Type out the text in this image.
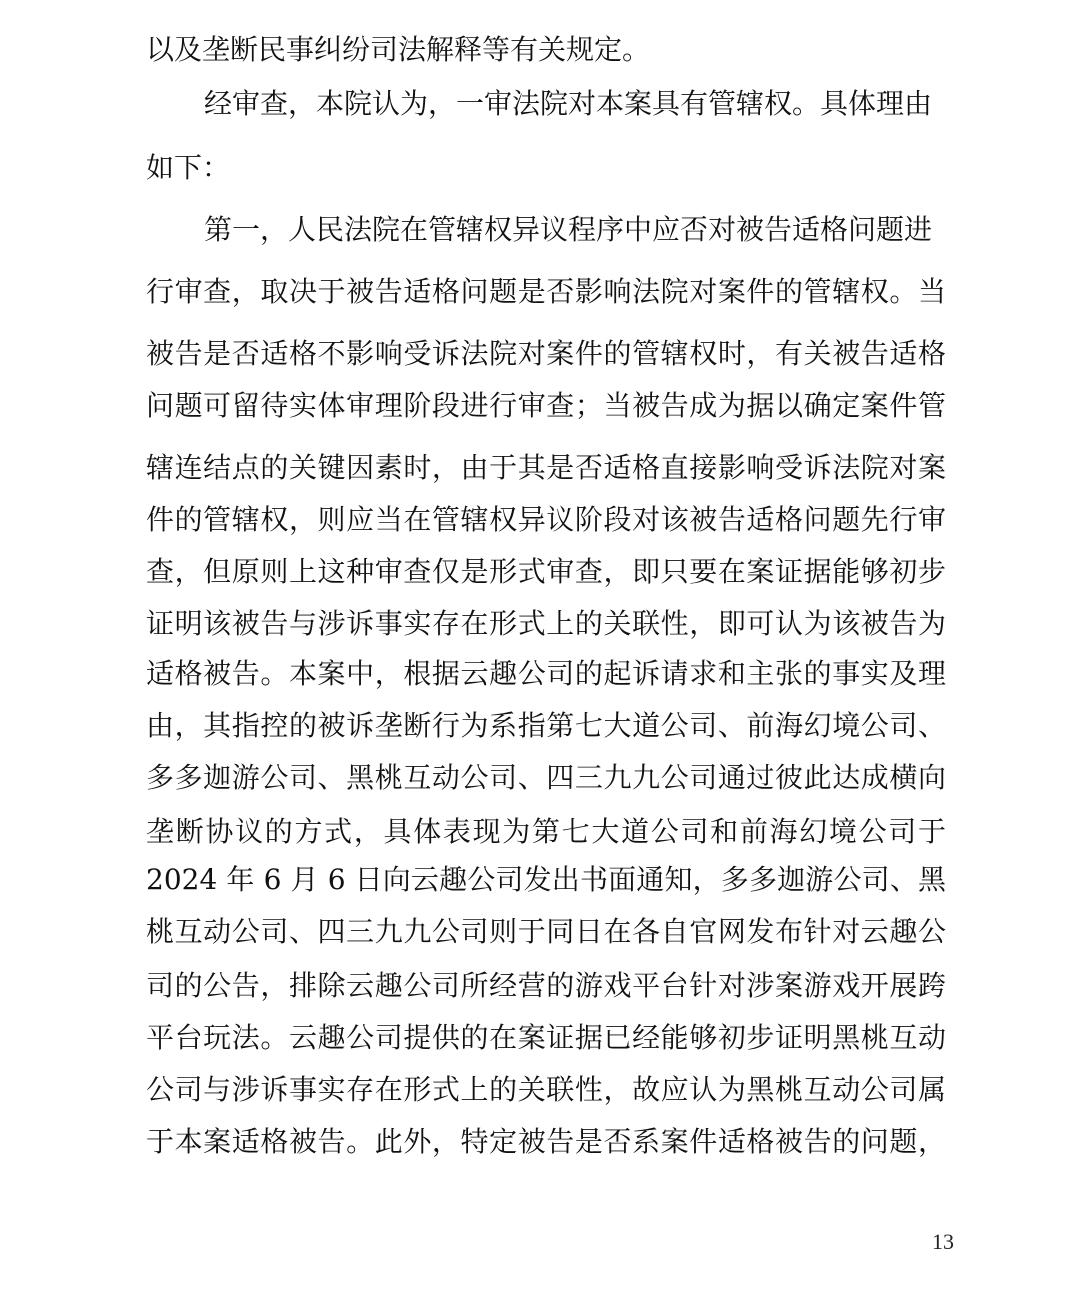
以及垄断民事纠纷司法解释等有关规定。
经审查，本院认为，一审法院对本案具有管辖权。具体理由
如下：
第一，人民法院在管辖权异议程序中应否对被告适格问题进
行审查，取决于被告适格问题是否影响法院对案件的管辖权。当
被告是否适格不影响受诉法院对案件的管辖权时，有关被告适格
问题可留待实体审理阶段进行审查；当被告成为据以确定案件管
辖连结点的关键因素时，由于其是否适格直接影响受诉法院对案
件的管辖权，则应当在管辖权异议阶段对该被告适格问题先行审
查，但原则上这种审查仅是形式审查，即只要在案证据能够初步
证明该被告与涉诉事实存在形式上的关联性，即可认为该被告为
适格被告。本案中，根据云趣公司的起诉请求和主张的事实及理
由，其指控的被诉垄断行为系指第七大道公司、前海幻境公司、
多多迦游公司、黑桃互动公司、四三九九公司通过彼此达成横向
垄断协议的方式，具体表现为第七大道公司和前海幻境公司于
2024 年 6 月 6 日向云趣公司发出书面通知，多多迦游公司、黑
桃互动公司、四三九九公司则于同日在各自官网发布针对云趣公
司的公告，排除云趣公司所经营的游戏平台针对涉案游戏开展跨
平台玩法。云趣公司提供的在案证据已经能够初步证明黑桃互动
公司与涉诉事实存在形式上的关联性，故应认为黑桃互动公司属
于本案适格被告。此外，特定被告是否系案件适格被告的问题，
13
